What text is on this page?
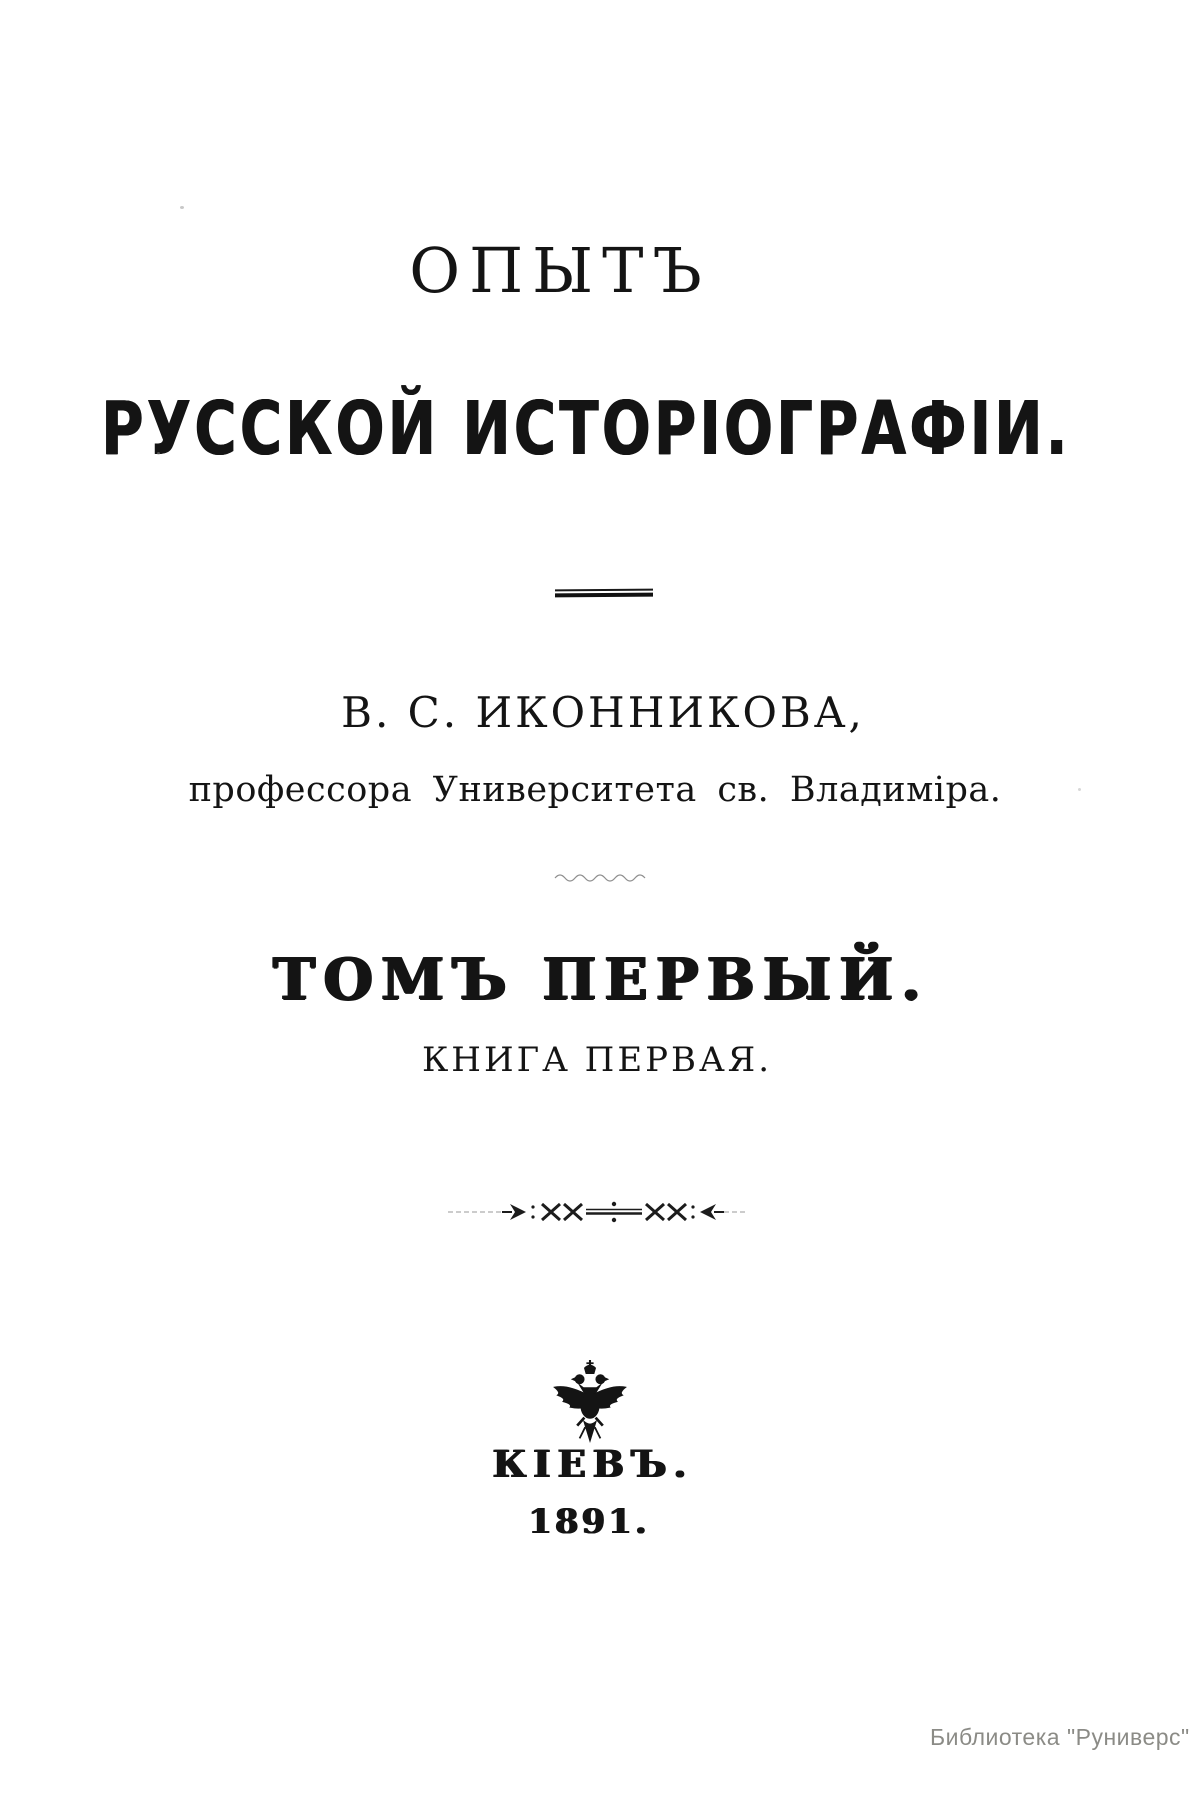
ОПЫТЪ
РУССКОЙ ИСТОРІОГРАФІИ.
В. С. ИКОННИКОВА,
профессора Университета св. Владиміра.
ТОМЪ ПЕРВЫЙ.
КНИГА ПЕРВАЯ.
КІЕВЪ.
1891.
Библиотека "Руниверс"
